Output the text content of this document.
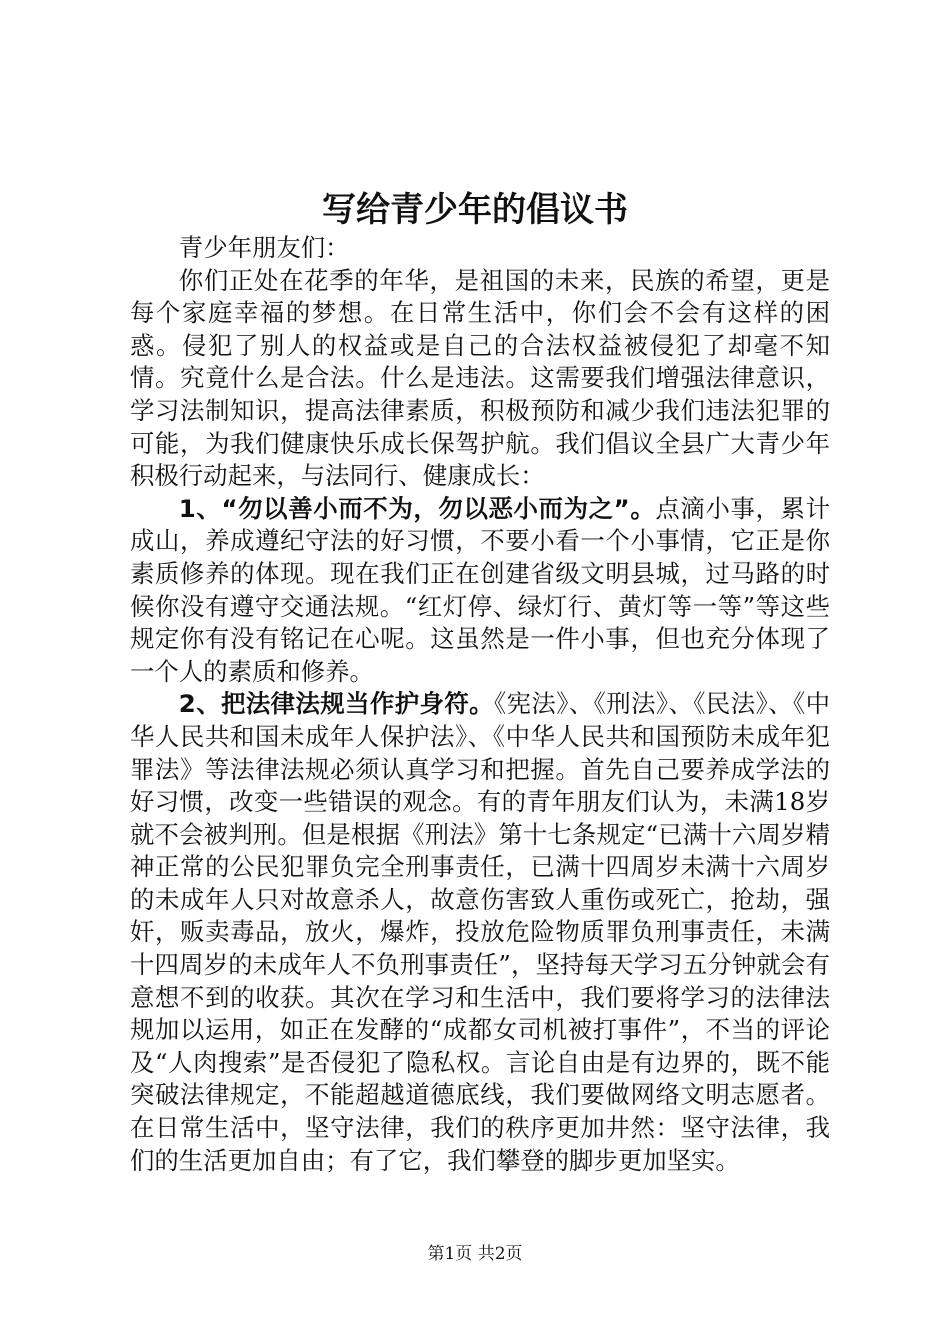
写给青少年的倡议书

青少年朋友们：

你们正处在花季的年华，是祖国的未来，民族的希望，更是每个家庭幸福的梦想。在日常生活中，你们会不会有这样的困惑。侵犯了别人的权益或是自己的合法权益被侵犯了却毫不知情。究竟什么是合法。什么是违法。这需要我们增强法律意识，学习法制知识，提高法律素质，积极预防和减少我们违法犯罪的可能，为我们健康快乐成长保驾护航。我们倡议全县广大青少年积极行动起来，与法同行、健康成长：

1、“勿以善小而不为，勿以恶小而为之”。点滴小事，累计成山，养成遵纪守法的好习惯，不要小看一个小事情，它正是你素质修养的体现。现在我们正在创建省级文明县城，过马路的时候你没有遵守交通法规。“红灯停、绿灯行、黄灯等一等”等这些规定你有没有铭记在心呢。这虽然是一件小事，但也充分体现了一个人的素质和修养。

2、把法律法规当作护身符。《宪法》、《刑法》、《民法》、《中华人民共和国未成年人保护法》、《中华人民共和国预防未成年犯罪法》等法律法规必须认真学习和把握。首先自己要养成学法的好习惯，改变一些错误的观念。有的青年朋友们认为，未满18岁就不会被判刑。但是根据《刑法》第十七条规定“已满十六周岁精神正常的公民犯罪负完全刑事责任，已满十四周岁未满十六周岁的未成年人只对故意杀人，故意伤害致人重伤或死亡，抢劫，强奸，贩卖毒品，放火，爆炸，投放危险物质罪负刑事责任，未满十四周岁的未成年人不负刑事责任”，坚持每天学习五分钟就会有意想不到的收获。其次在学习和生活中，我们要将学习的法律法规加以运用，如正在发酵的“成都女司机被打事件”，不当的评论及“人肉搜索”是否侵犯了隐私权。言论自由是有边界的，既不能突破法律规定，不能超越道德底线，我们要做网络文明志愿者。在日常生活中，坚守法律，我们的秩序更加井然：坚守法律，我们的生活更加自由；有了它，我们攀登的脚步更加坚实。

第1页 共2页
